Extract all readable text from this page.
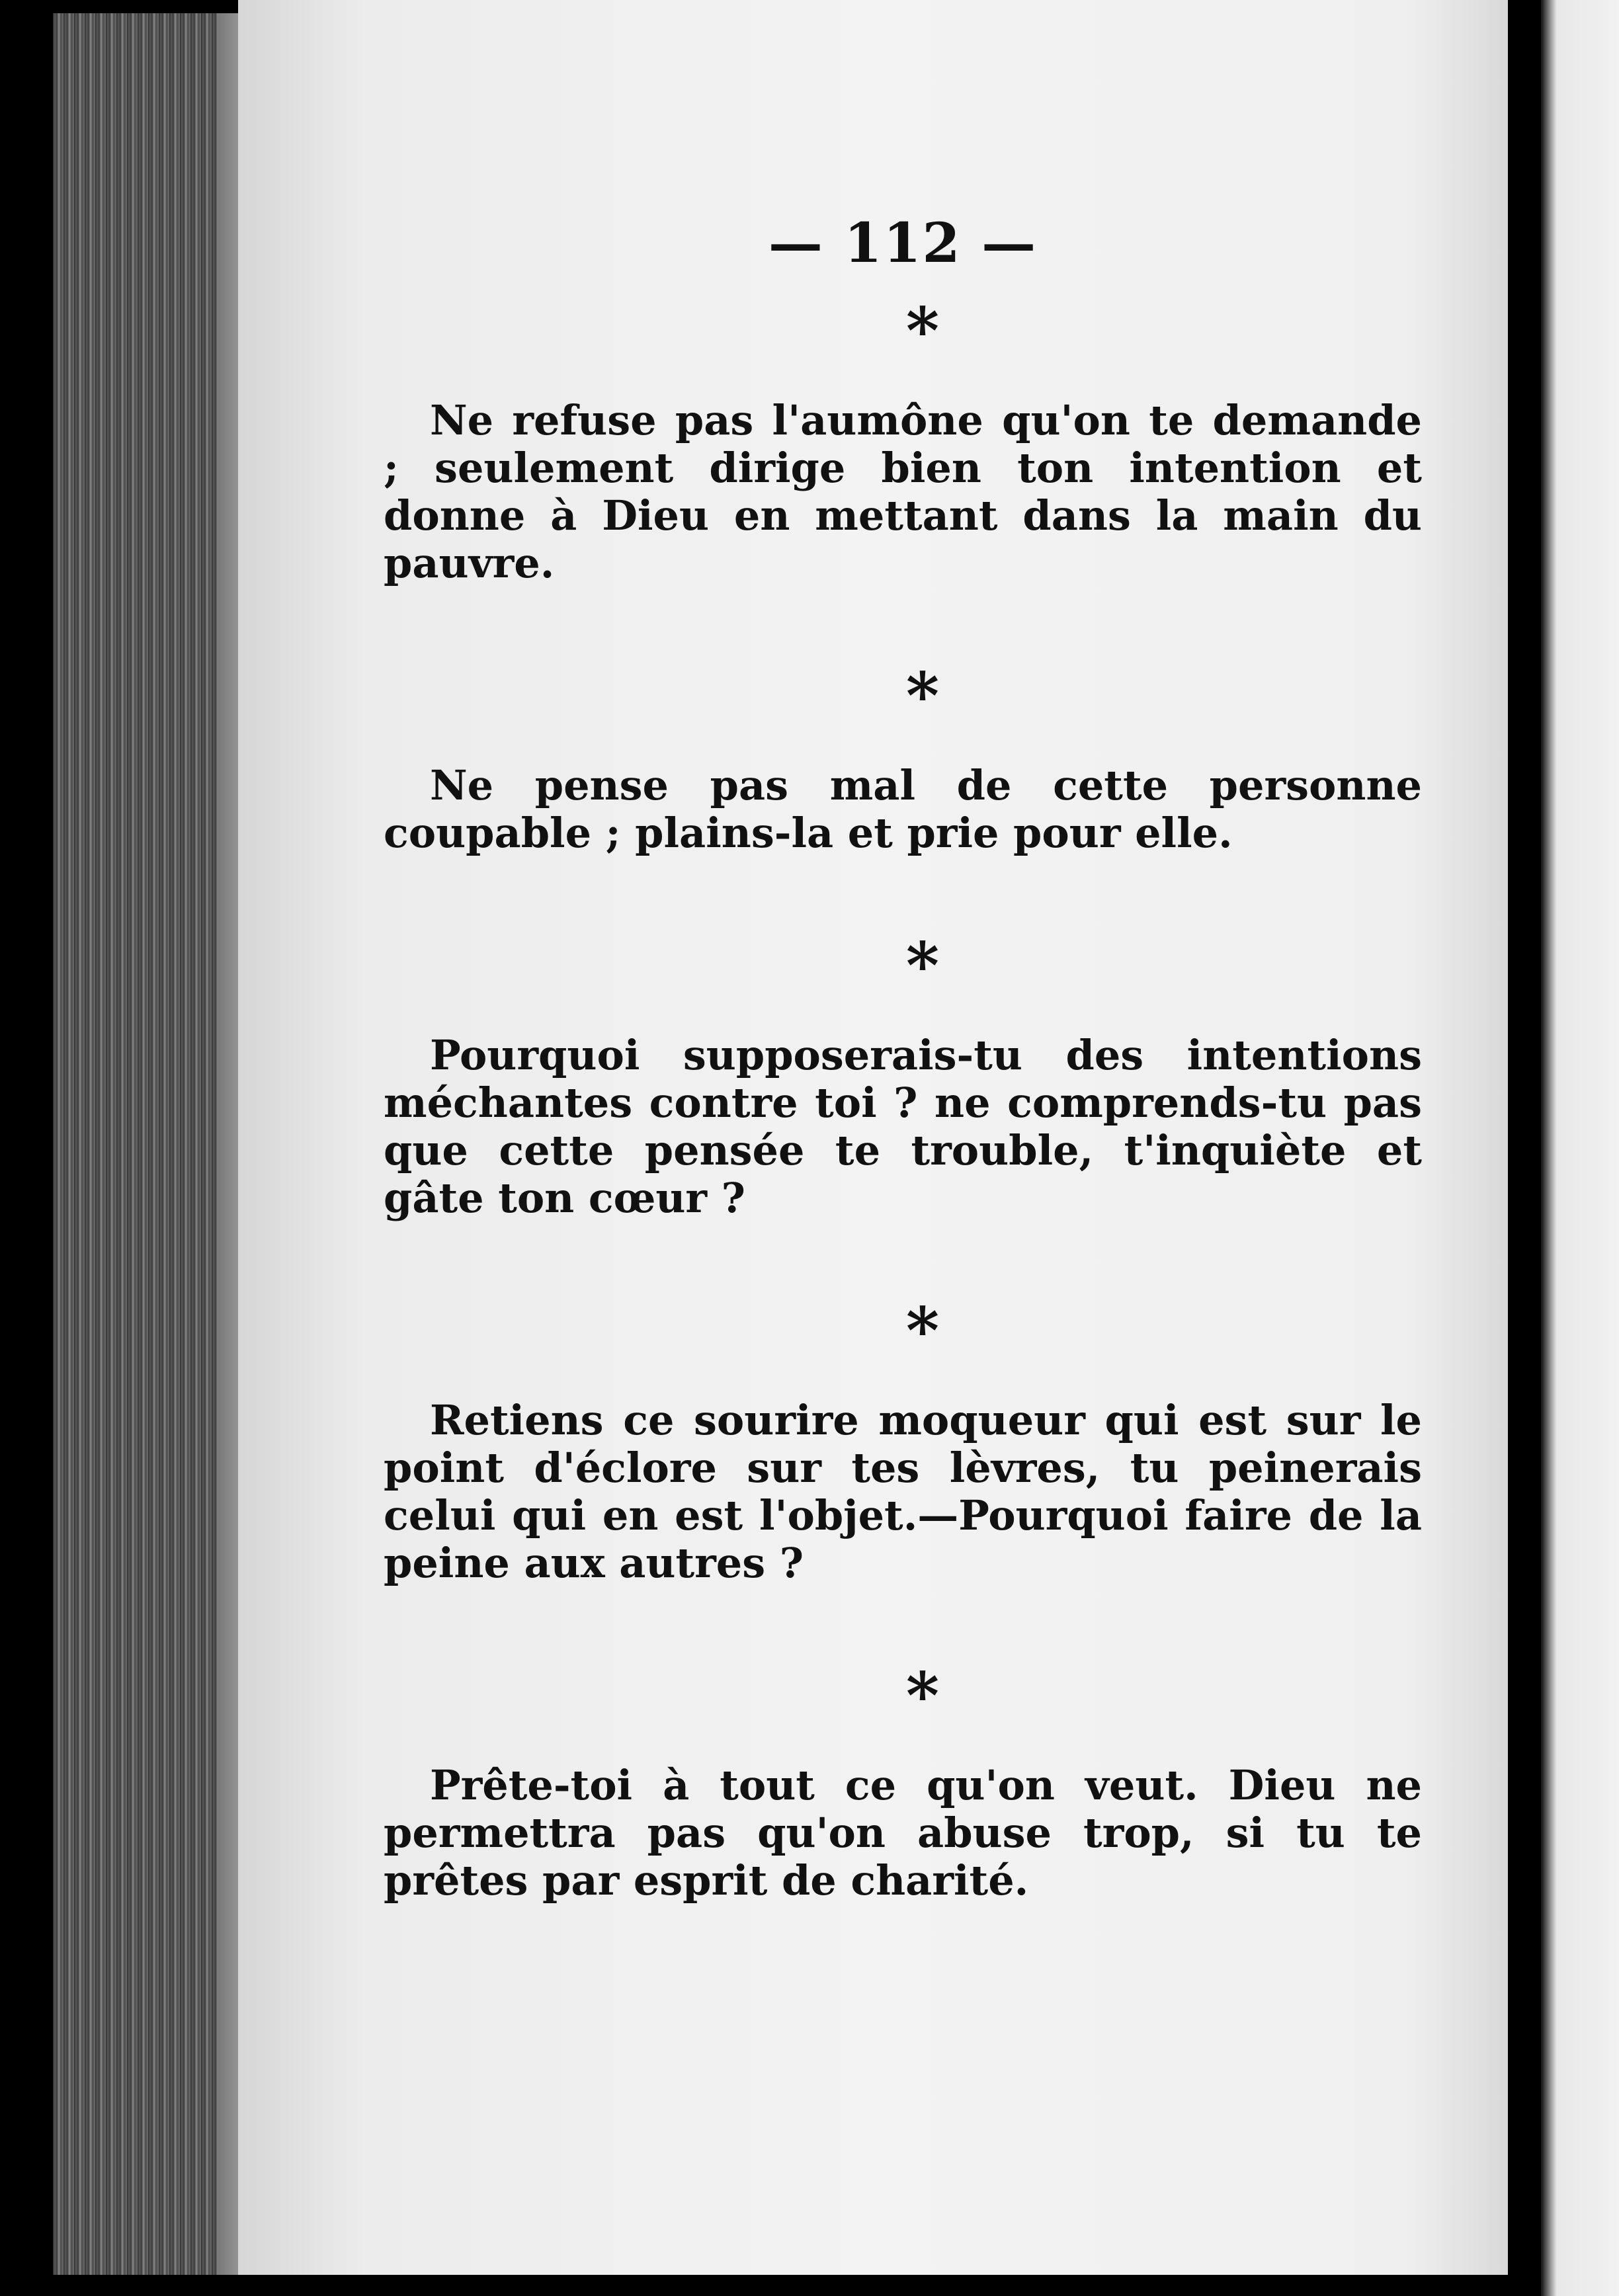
— 112 —
*

Ne refuse pas l'aumône qu'on te demande ; seulement dirige bien ton intention et donne à Dieu en mettant dans la main du pauvre.

*

Ne pense pas mal de cette personne coupable ; plains-la et prie pour elle.

*

Pourquoi supposerais-tu des intentions méchantes contre toi ? ne comprends-tu pas que cette pensée te trouble, t'inquiète et gâte ton cœur ?

*

Retiens ce sourire moqueur qui est sur le point d'éclore sur tes lèvres, tu peinerais celui qui en est l'objet.—Pourquoi faire de la peine aux autres ?

*

Prête-toi à tout ce qu'on veut. Dieu ne permettra pas qu'on abuse trop, si tu te prêtes par esprit de charité.
